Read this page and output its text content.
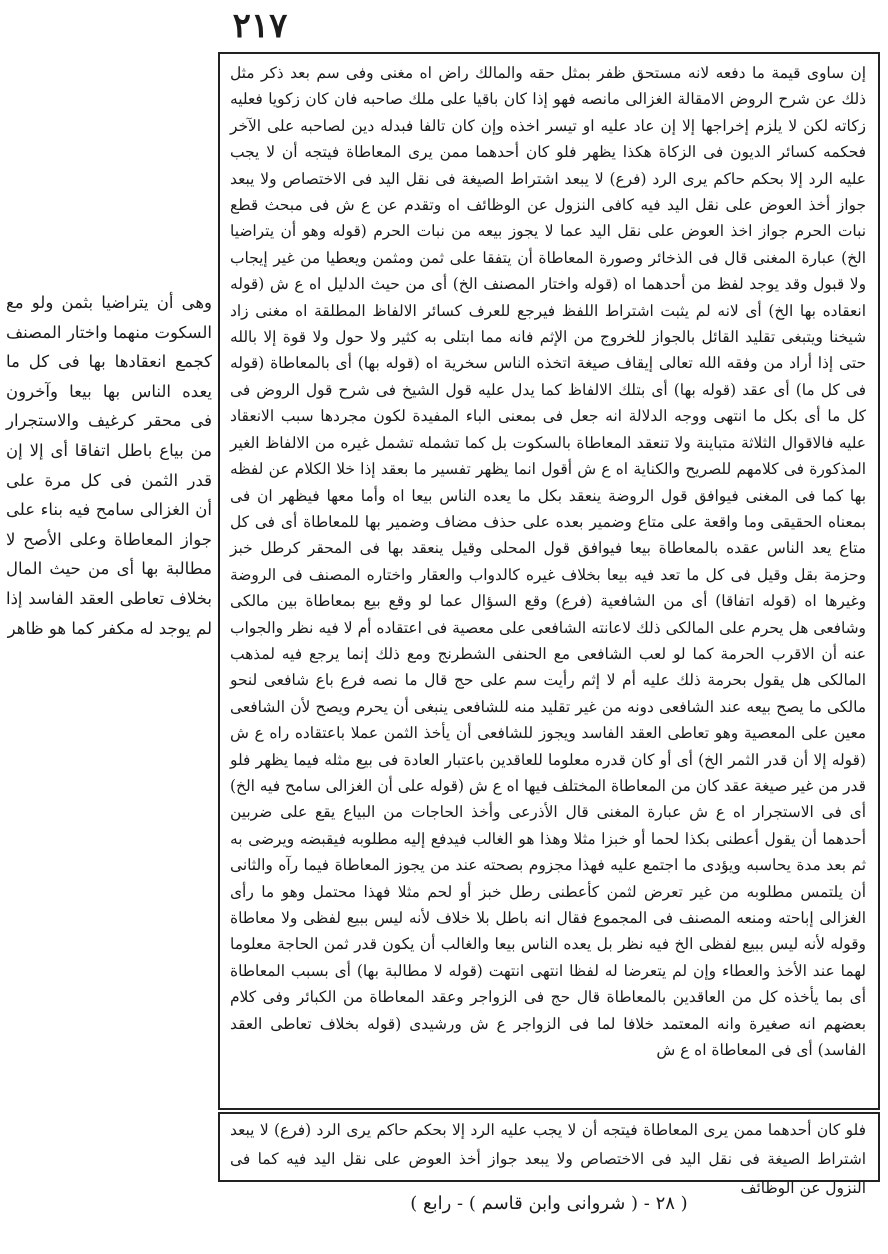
٢١٧
إن ساوى قيمة ما دفعه لانه مستحق ظفر بمثل حقه والمالك راض اه مغنى وفى سم بعد ذكر مثل ذلك عن شرح الروض الامقالة الغزالى مانصه فهو إذا كان باقيا على ملك صاحبه فان كان زكويا فعليه زكاته لكن لا يلزم إخراجها إلا إن عاد عليه او تيسر اخذه وإن كان تالفا فبدله دين لصاحبه على الآخر فحكمه كسائر الديون فى الزكاة هكذا يظهر فلو كان أحدهما ممن يرى المعاطاة فيتجه أن لا يجب عليه الرد إلا بحكم حاكم يرى الرد (فرع) لا يبعد اشتراط الصيغة فى نقل اليد فى الاختصاص ولا يبعد جواز أخذ العوض على نقل اليد فيه كافى النزول عن الوظائف اه وتقدم عن ع ش فى مبحث قطع نبات الحرم جواز اخذ العوض على نقل اليد عما لا يجوز بيعه من نبات الحرم (قوله وهو أن يتراضيا الخ) عبارة المغنى قال فى الذخائر وصورة المعاطاة أن يتفقا على ثمن ومثمن ويعطيا من غير إيجاب ولا قبول وقد يوجد لفظ من أحدهما اه (قوله واختار المصنف الخ) أى من حيث الدليل اه ع ش (قوله انعقاده بها الخ) أى لانه لم يثبت اشتراط اللفظ فيرجع للعرف كسائر الالفاظ المطلقة اه مغنى زاد شيخنا ويتبغى تقليد القائل بالجواز للخروج من الإثم فانه مما ابتلى به كثير ولا حول ولا قوة إلا بالله حتى إذا أراد من وفقه الله تعالى إيقاف صيغة اتخذه الناس سخرية اه (قوله بها) أى بالمعاطاة (قوله فى كل ما) أى عقد (قوله بها) أى بتلك الالفاظ كما يدل عليه قول الشيخ فى شرح قول الروض فى كل ما أى بكل ما انتهى ووجه الدلالة انه جعل فى بمعنى الباء المفيدة لكون مجردها سبب الانعقاد عليه فالاقوال الثلاثة متباينة ولا تنعقد المعاطاة بالسكوت بل كما تشمله تشمل غيره من الالفاظ الغير المذكورة فى كلامهم للصريح والكناية اه ع ش أقول انما يظهر تفسير ما بعقد إذا خلا الكلام عن لفظه بها كما فى المغنى فيوافق قول الروضة ينعقد بكل ما يعده الناس بيعا اه وأما معها فيظهر ان فى بمعناه الحقيقى وما واقعة على متاع وضمير بعده على حذف مضاف وضمير بها للمعاطاة أى فى كل متاع يعد الناس عقده بالمعاطاة بيعا فيوافق قول المحلى وقيل ينعقد بها فى المحقر كرطل خبز وحزمة بقل وقيل فى كل ما تعد فيه بيعا بخلاف غيره كالدواب والعقار واختاره المصنف فى الروضة وغيرها اه (قوله اتفاقا) أى من الشافعية (فرع) وقع السؤال عما لو وقع بيع بمعاطاة بين مالكى وشافعى هل يحرم على المالكى ذلك لاعانته الشافعى على معصية فى اعتقاده أم لا فيه نظر والجواب عنه أن الاقرب الحرمة كما لو لعب الشافعى مع الحنفى الشطرنج ومع ذلك إنما يرجع فيه لمذهب المالكى هل يقول بحرمة ذلك عليه أم لا إثم رأيت سم على حج قال ما نصه فرع باع شافعى لنحو مالكى ما يصح بيعه عند الشافعى دونه من غير تقليد منه للشافعى ينبغى أن يحرم ويصح لأن الشافعى معين على المعصية وهو تعاطى العقد الفاسد ويجوز للشافعى أن يأخذ الثمن عملا باعتقاده راه ع ش (قوله إلا أن قدر الثمر الخ) أى أو كان قدره معلوما للعاقدين باعتبار العادة فى بيع مثله فيما يظهر فلو قدر من غير صيغة عقد كان من المعاطاة المختلف فيها اه ع ش (قوله على أن الغزالى سامح فيه الخ) أى فى الاستجرار اه ع ش عبارة المغنى قال الأذرعى وأخذ الحاجات من البياع يقع على ضربين أحدهما أن يقول أعطنى بكذا لحما أو خبزا مثلا وهذا هو الغالب فيدفع إليه مطلوبه فيقبضه ويرضى به ثم بعد مدة يحاسبه ويؤدى ما اجتمع عليه فهذا مجزوم بصحته عند من يجوز المعاطاة فيما رآه والثانى أن يلتمس مطلوبه من غير تعرض لثمن كأعطنى رطل خبز أو لحم مثلا فهذا محتمل وهو ما رأى الغزالى إباحته ومنعه المصنف فى المجموع فقال انه باطل بلا خلاف لأنه ليس ببيع لفظى ولا معاطاة وقوله لأنه ليس ببيع لفظى الخ فيه نظر بل يعده الناس بيعا والغالب أن يكون قدر ثمن الحاجة معلوما لهما عند الأخذ والعطاء وإن لم يتعرضا له لفظا انتهى انتهت (قوله لا مطالبة بها) أى بسبب المعاطاة أى بما يأخذه كل من العاقدين بالمعاطاة قال حج فى الزواجر وعقد المعاطاة من الكبائر وفى كلام بعضهم انه صغيرة وانه المعتمد خلافا لما فى الزواجر ع ش ورشيدى (قوله بخلاف تعاطى العقد الفاسد) أى فى المعاطاة اه ع ش
فلو كان أحدهما ممن يرى المعاطاة فيتجه أن لا يجب عليه الرد إلا بحكم حاكم يرى الرد (فرع) لا يبعد اشتراط الصيغة فى نقل اليد فى الاختصاص ولا يبعد جواز أخذ العوض على نقل اليد فيه كما فى النزول عن الوظائف
وهى أن يتراضيا بثمن ولو مع السكوت منهما واختار المصنف كجمع انعقادها بها فى كل ما يعده الناس بها بيعا وآخرون فى محقر كرغيف والاستجرار من بياع باطل اتفاقا أى إلا إن قدر الثمن فى كل مرة على أن الغزالى سامح فيه بناء على جواز المعاطاة وعلى الأصح لا مطالبة بها أى من حيث المال بخلاف تعاطى العقد الفاسد إذا لم يوجد له مكفر كما هو ظاهر
( ٢٨ - ( شروانى وابن قاسم ) - رابع )
